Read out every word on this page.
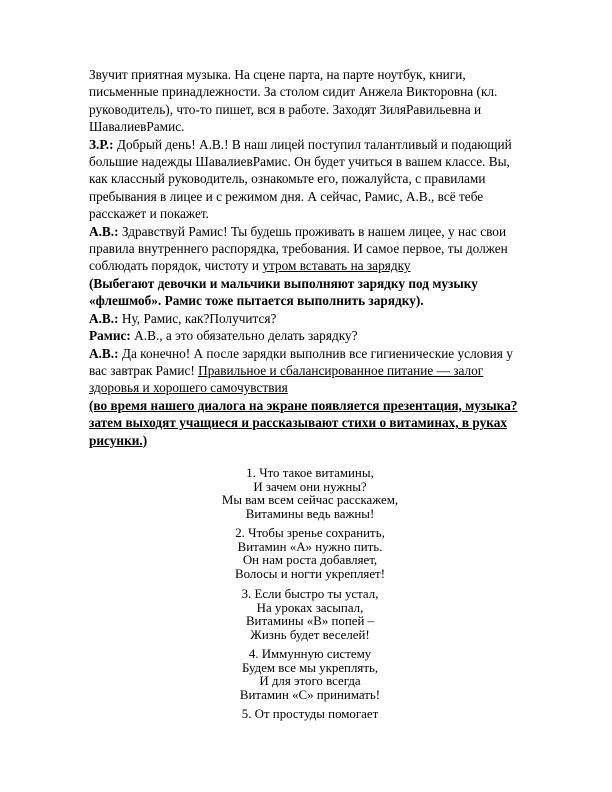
Звучит приятная музыка. На сцене парта, на парте ноутбук, книги, письменные принадлежности. За столом сидит Анжела Викторовна (кл. руководитель), что-то пишет, вся в работе. Заходят ЗиляРавильевна и ШавалиевРамис.

З.Р.: Добрый день! А.В.! В наш лицей поступил талантливый и подающий большие надежды ШавалиевРамис. Он будет учиться в вашем классе. Вы, как классный руководитель, ознакомьте его, пожалуйста, с правилами пребывания в лицее и с режимом дня. А сейчас, Рамис, А.В., всё тебе расскажет и покажет.

А.В.: Здравствуй Рамис! Ты будешь проживать в нашем лицее, у нас свои правила внутреннего распорядка, требования. И самое первое, ты должен соблюдать порядок, чистоту и утром вставать на зарядку

(Выбегают девочки и мальчики выполняют зарядку под музыку «флешмоб». Рамис тоже пытается выполнить зарядку).

А.В.: Ну, Рамис, как?Получится?

Рамис: А.В., а это обязательно делать зарядку?

А.В.: Да конечно! А после зарядки выполнив все гигиенические условия у вас завтрак Рамис! Правильное и сбалансированное питание — залог здоровья и хорошего самочувствия

(во время нашего диалога на экране появляется презентация, музыка? затем выходят учащиеся и рассказывают стихи о витаминах, в руках рисунки.)

1. Что такое витамины,
И зачем они нужны?
Мы вам всем сейчас расскажем,
Витамины ведь важны!
2. Чтобы зренье сохранить,
Витамин «А» нужно пить.
Он нам роста добавляет,
Волосы и ногти укрепляет!
3. Если быстро ты устал,
На уроках засыпал,
Витамины «В» попей –
Жизнь будет веселей!
4. Иммунную систему
Будем все мы укреплять,
И для этого всегда
Витамин «С» принимать!
5. От простуды помогает
